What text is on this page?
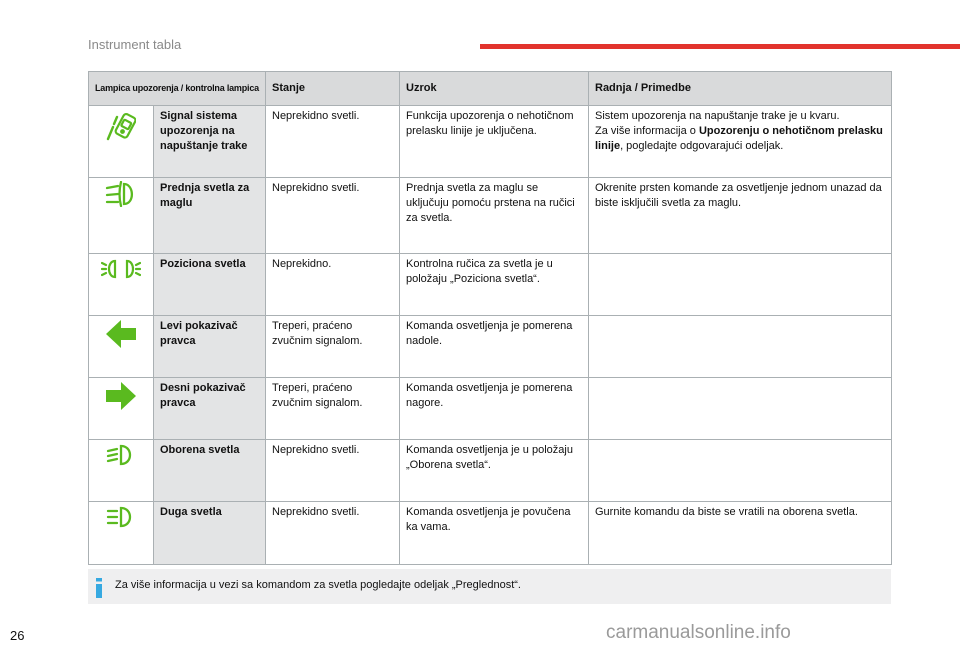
Instrument tabla
Lampica upozorenja / kontrolna lampica		Stanje	Uzrok	Radnja / Primedbe
	Signal sistema upozorenja na napuštanje trake	Neprekidno svetli.	Funkcija upozorenja o nehotičnom prelasku linije je uključena.	Sistem upozorenja na napuštanje trake je u kvaru.
Za više informacija o Upozorenju o nehotičnom prelasku linije, pogledajte odgovarajući odeljak.

	Prednja svetla za maglu	Neprekidno svetli.	Prednja svetla za maglu se uključuju pomoću prstena na ručici za svetla.	Okrenite prsten komande za osvetljenje jednom unazad da biste isključili svetla za maglu.
	Poziciona svetla	Neprekidno.	Kontrolna ručica za svetla je u položaju „Poziciona svetla“.	
	Levi pokazivač pravca	Treperi, praćeno zvučnim signalom.	Komanda osvetljenja je pomerena nadole.	
	Desni pokazivač pravca	Treperi, praćeno zvučnim signalom.	Komanda osvetljenja je pomerena nagore.	
	Oborena svetla	Neprekidno svetli.	Komanda osvetljenja je u položaju „Oborena svetla“.	
	Duga svetla	Neprekidno svetli.	Komanda osvetljenja je povučena ka vama.	Gurnite komandu da biste se vratili na oborena svetla.
Za više informacija u vezi sa komandom za svetla pogledajte odeljak „Preglednost“.
26	carmanualsonline.info
